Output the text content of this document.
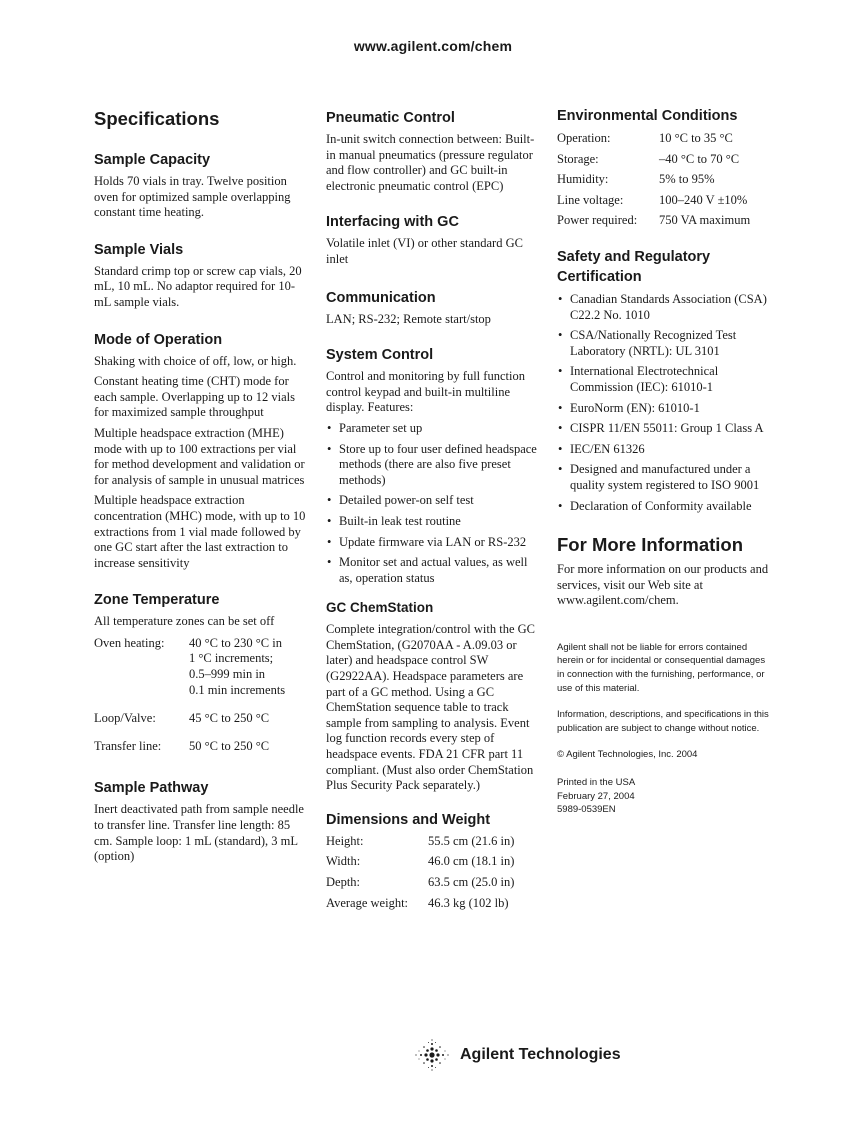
www.agilent.com/chem
Specifications
Sample Capacity

Holds 70 vials in tray. Twelve position oven for optimized sample overlapping constant time heating.

Sample Vials

Standard crimp top or screw cap vials, 20 mL, 10 mL. No adaptor required for 10-mL sample vials.

Mode of Operation

Shaking with choice of off, low, or high.

Constant heating time (CHT) mode for each sample. Overlapping up to 12 vials for maximized sample throughput

Multiple headspace extraction (MHE) mode with up to 100 extractions per vial for method development and validation or for analysis of sample in unusual matrices

Multiple headspace extraction concentration (MHC) mode, with up to 10 extractions from 1 vial made followed by one GC start after the last extraction to increase sensitivity

Zone Temperature

All temperature zones can be set off

Oven heating:	40 °C to 230 °C in
1 °C increments;
0.5–999 min in
0.1 min increments

Loop/Valve:	45 °C to 250 °C
Transfer line:	50 °C to 250 °C
Sample Pathway

Inert deactivated path from sample needle to transfer line. Transfer line length: 85 cm. Sample loop: 1 mL (standard), 3 mL (option)

Pneumatic Control

In-unit switch connection between: Built-in manual pneumatics (pressure regulator and flow controller) and GC built-in electronic pneumatic control (EPC)

Interfacing with GC

Volatile inlet (VI) or other standard GC inlet

Communication

LAN; RS-232; Remote start/stop

System Control

Control and monitoring by full function control keypad and built-in multiline display. Features:

• Parameter set up
• Store up to four user defined headspace methods (there are also five preset methods)
• Detailed power-on self test
• Built-in leak test routine
• Update firmware via LAN or RS-232
• Monitor set and actual values, as well as, operation status
GC ChemStation

Complete integration/control with the GC ChemStation, (G2070AA - A.09.03 or later) and headspace control SW (G2922AA). Headspace parameters are part of a GC method. Using a GC ChemStation sequence table to track sample from sampling to analysis. Event log function records every step of headspace events. FDA 21 CFR part 11 compliant. (Must also order ChemStation Plus Security Pack separately.)

Dimensions and Weight
Height:	55.5 cm (21.6 in)
Width:	46.0 cm (18.1 in)
Depth:	63.5 cm (25.0 in)
Average weight:	46.3 kg (102 lb)
Environmental Conditions
Operation:	10 °C to 35 °C
Storage:	–40 °C to 70 °C
Humidity:	5% to 95%
Line voltage:	100–240 V ±10%
Power required:	750 VA maximum
Safety and Regulatory Certification
• Canadian Standards Association (CSA) C22.2 No. 1010
• CSA/Nationally Recognized Test Laboratory (NRTL): UL 3101
• International Electrotechnical Commission (IEC): 61010-1
• EuroNorm (EN): 61010-1
• CISPR 11/EN 55011: Group 1 Class A
• IEC/EN 61326
• Designed and manufactured under a quality system registered to ISO 9001
• Declaration of Conformity available
For More Information

For more information on our products and services, visit our Web site at www.agilent.com/chem.

Agilent shall not be liable for errors contained herein or for incidental or consequential damages in connection with the furnishing, performance, or use of this material.

Information, descriptions, and specifications in this publication are subject to change without notice.

© Agilent Technologies, Inc. 2004

Printed in the USA

February 27, 2004

5989-0539EN

Agilent Technologies
